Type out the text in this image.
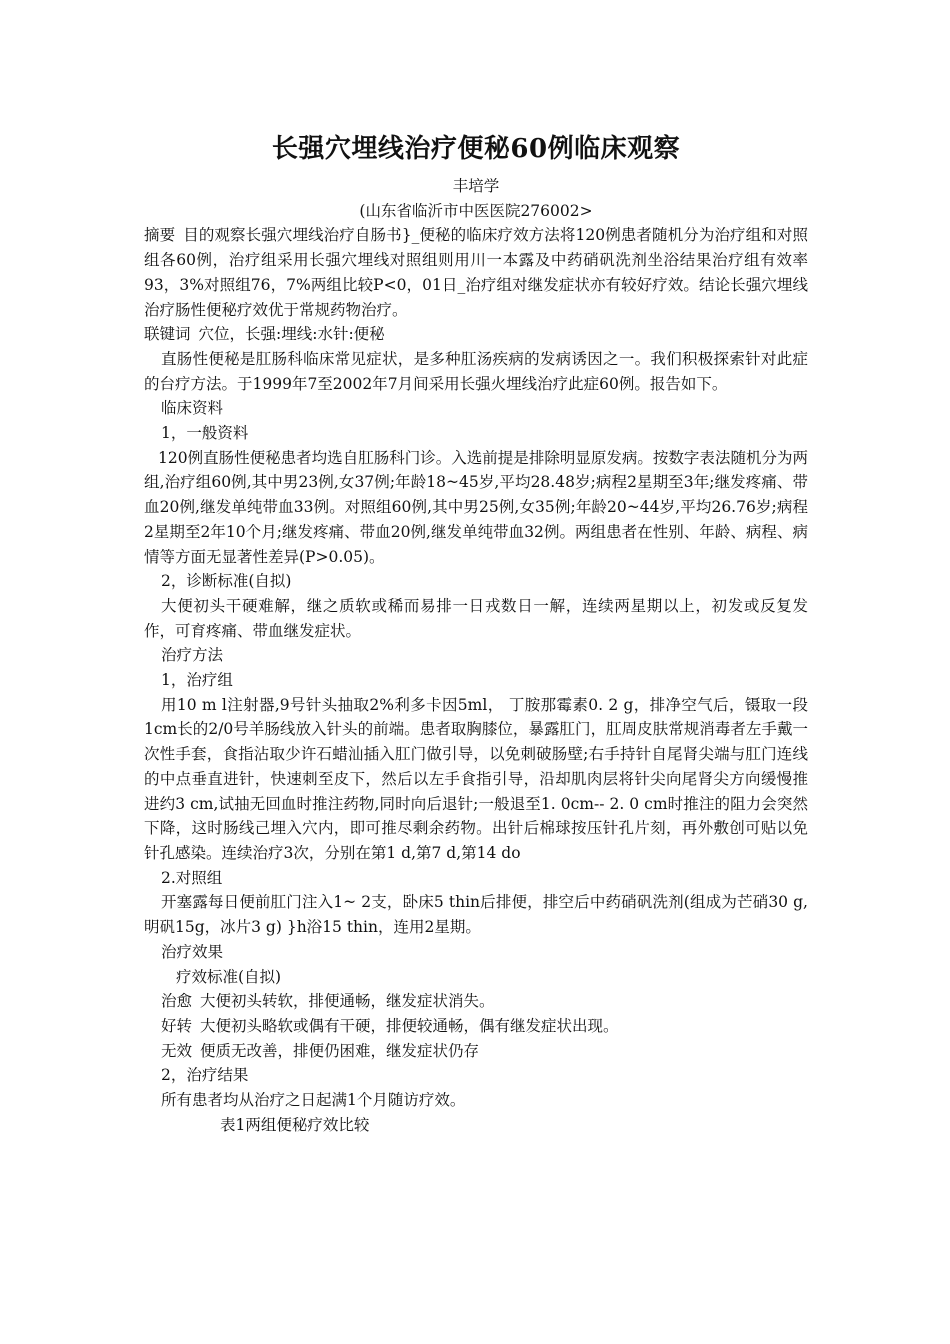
长强穴埋线治疗便秘60例临床观察

丰培学

(山东省临沂市中医医院276002>

摘要 目的观察长强穴埋线治疗自肠书}_便秘的临床疗效方法将120例患者随机分为治疗组和对照组各60例，治疗组采用长强穴埋线对照组则用川一本露及中药硝矾洗剂坐浴结果治疗组有效率93，3%对照组76，7%两组比较P<0，01日_治疗组对继发症状亦有较好疗效。结论长强穴埋线治疗肠性便秘疗效优于常规药物治疗。

联键词 穴位，长强:埋线:水针:便秘

直肠性便秘是肛肠科临床常见症状，是多种肛汤疾病的发病诱因之一。我们积极探索针对此症的台疗方法。于1999年7至2002年7月间采用长强火埋线治疗此症60例。报告如下。

临床资料

1，一般资料

120例直肠性便秘患者均选自肛肠科门诊。入选前提是排除明显原发病。按数字表法随机分为两组,治疗组60例,其中男23例,女37例;年龄18~45岁,平均28.48岁;病程2星期至3年;继发疼痛、带血20例,继发单纯带血33例。对照组60例,其中男25例,女35例;年龄20~44岁,平均26.76岁;病程2星期至2年10个月;继发疼痛、带血20例,继发单纯带血32例。两组患者在性别、年龄、病程、病情等方面无显著性差异(P>0.05)。

2，诊断标准(自拟)

大便初头干硬难解，继之质软或稀而易排一日戎数日一解，连续两星期以上，初发或反复发作，可育疼痛、带血继发症状。

治疗方法

1，治疗组

用10 m l注射器,9号针头抽取2%利多卡因5ml， 丁胺那霉素0. 2 g，排净空气后，镊取一段1cm长的2/0号羊肠线放入针头的前端。患者取胸膝位，暴露肛门，肛周皮肤常规消毒者左手戴一次性手套，食指沾取少许石蜡汕插入肛门做引导，以免刺破肠壁;右手持针自尾肾尖端与肛门连线的中点垂直进针，快速刺至皮下，然后以左手食指引导，沿却肌肉层将针尖向尾肾尖方向缓慢推进约3 cm,试抽无回血时推注药物,同时向后退针;一般退至1. 0cm-- 2. 0 cm时推注的阻力会突然下降，这时肠线己埋入穴内，即可推尽剩余药物。出针后棉球按压针孔片刻，再外敷创可贴以免针孔感染。连续治疗3次，分别在第1 d,第7 d,第14 do

2.对照组

开塞露每日便前肛门注入1~ 2支，卧床5 thin后排便，排空后中药硝矾洗剂(组成为芒硝30 g,明矾15g，冰片3 g) }h浴15 thin，连用2星期。

治疗效果

疗效标准(自拟)

治愈 大便初头转软，排便通畅，继发症状消失。

好转 大便初头略软或偶有干硬，排便较通畅，偶有继发症状出现。

无效 便质无改善，排便仍困难，继发症状仍存

2，治疗结果

所有患者均从治疗之日起满1个月随访疗效。

表1两组便秘疗效比较
